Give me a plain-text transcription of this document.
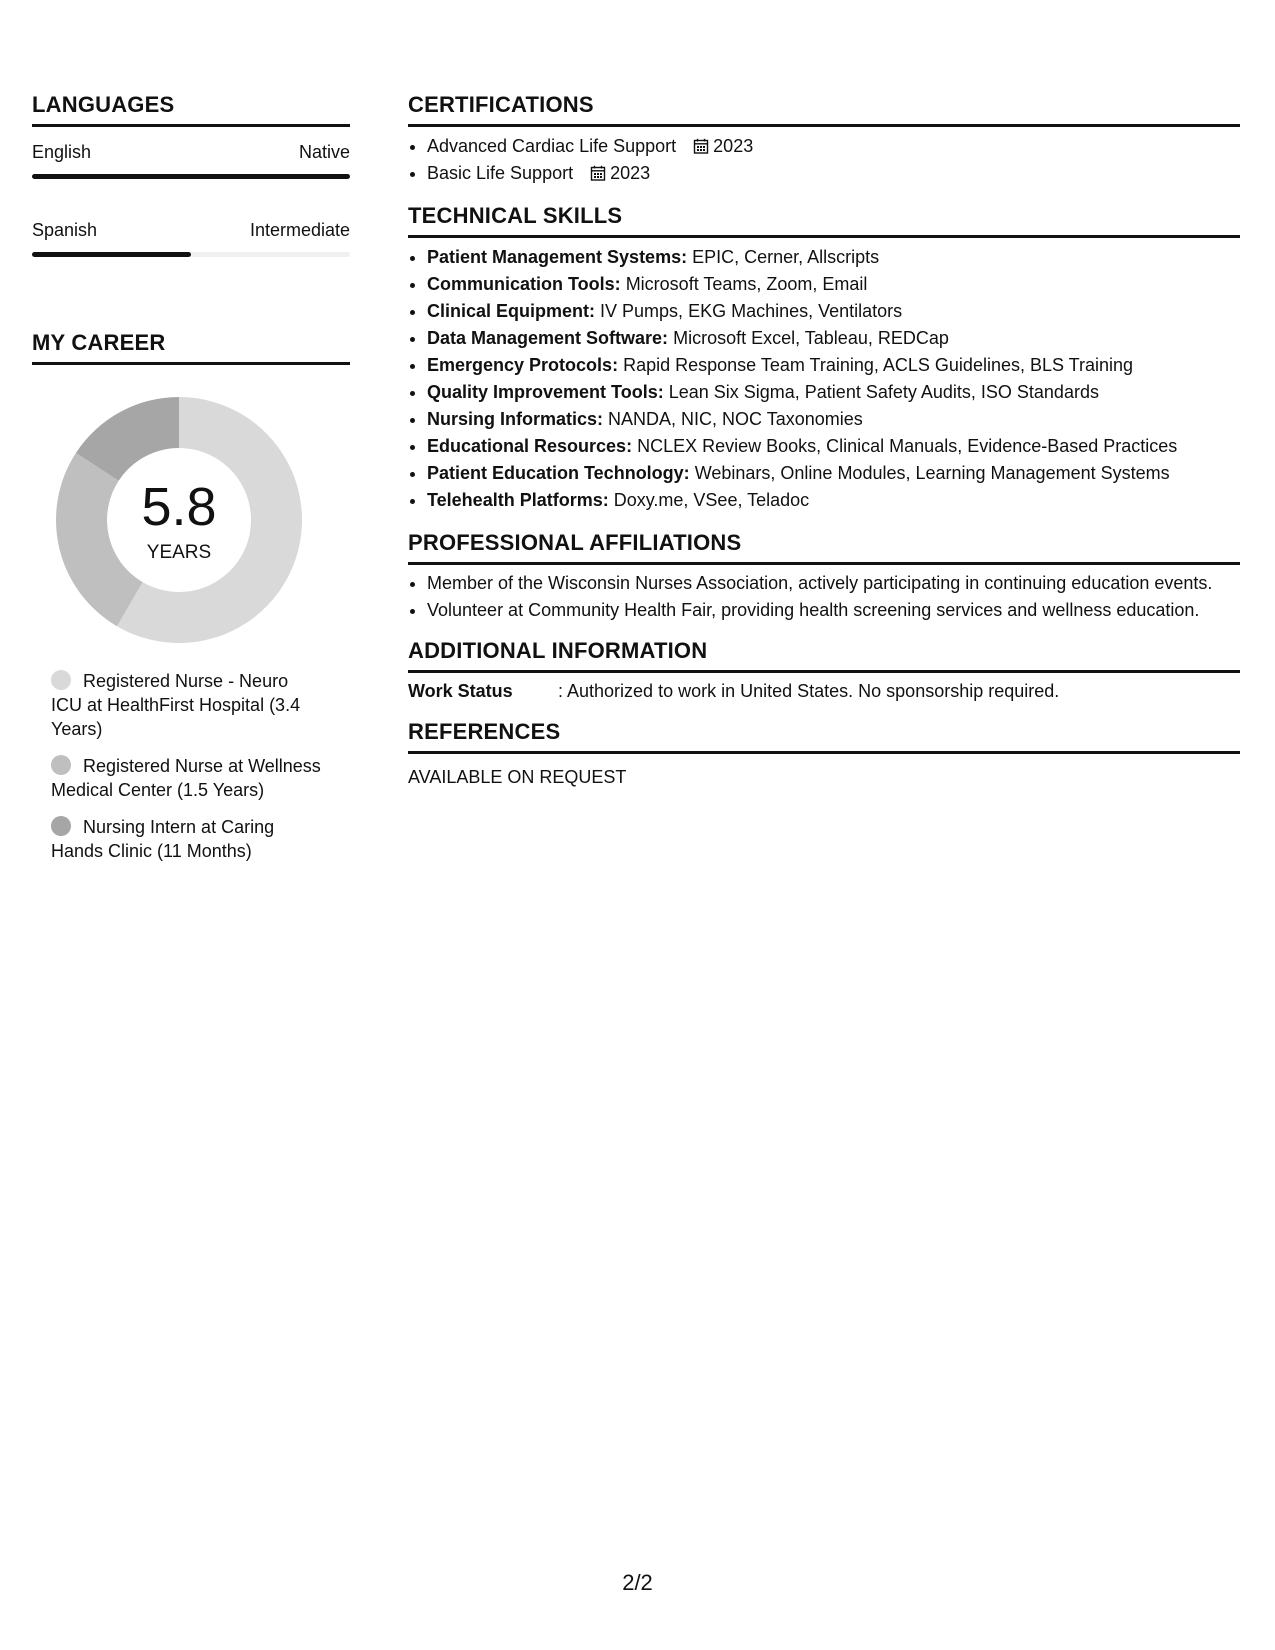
LANGUAGES
English	Native
Spanish	Intermediate
MY CAREER
5.8
YEARS
Registered Nurse - Neuro ICU at HealthFirst Hospital (3.4 Years)
Registered Nurse at Wellness Medical Center (1.5 Years)
Nursing Intern at Caring Hands Clinic (11 Months)
CERTIFICATIONS
• Advanced Cardiac Life Support 2023
• Basic Life Support 2023
TECHNICAL SKILLS
• Patient Management Systems: EPIC, Cerner, Allscripts
• Communication Tools: Microsoft Teams, Zoom, Email
• Clinical Equipment: IV Pumps, EKG Machines, Ventilators
• Data Management Software: Microsoft Excel, Tableau, REDCap
• Emergency Protocols: Rapid Response Team Training, ACLS Guidelines, BLS Training
• Quality Improvement Tools: Lean Six Sigma, Patient Safety Audits, ISO Standards
• Nursing Informatics: NANDA, NIC, NOC Taxonomies
• Educational Resources: NCLEX Review Books, Clinical Manuals, Evidence-Based Practices
• Patient Education Technology: Webinars, Online Modules, Learning Management Systems
• Telehealth Platforms: Doxy.me, VSee, Teladoc
PROFESSIONAL AFFILIATIONS
• Member of the Wisconsin Nurses Association, actively participating in continuing education events.
• Volunteer at Community Health Fair, providing health screening services and wellness education.
ADDITIONAL INFORMATION
Work Status	: Authorized to work in United States. No sponsorship required.
REFERENCES
AVAILABLE ON REQUEST
2/2
